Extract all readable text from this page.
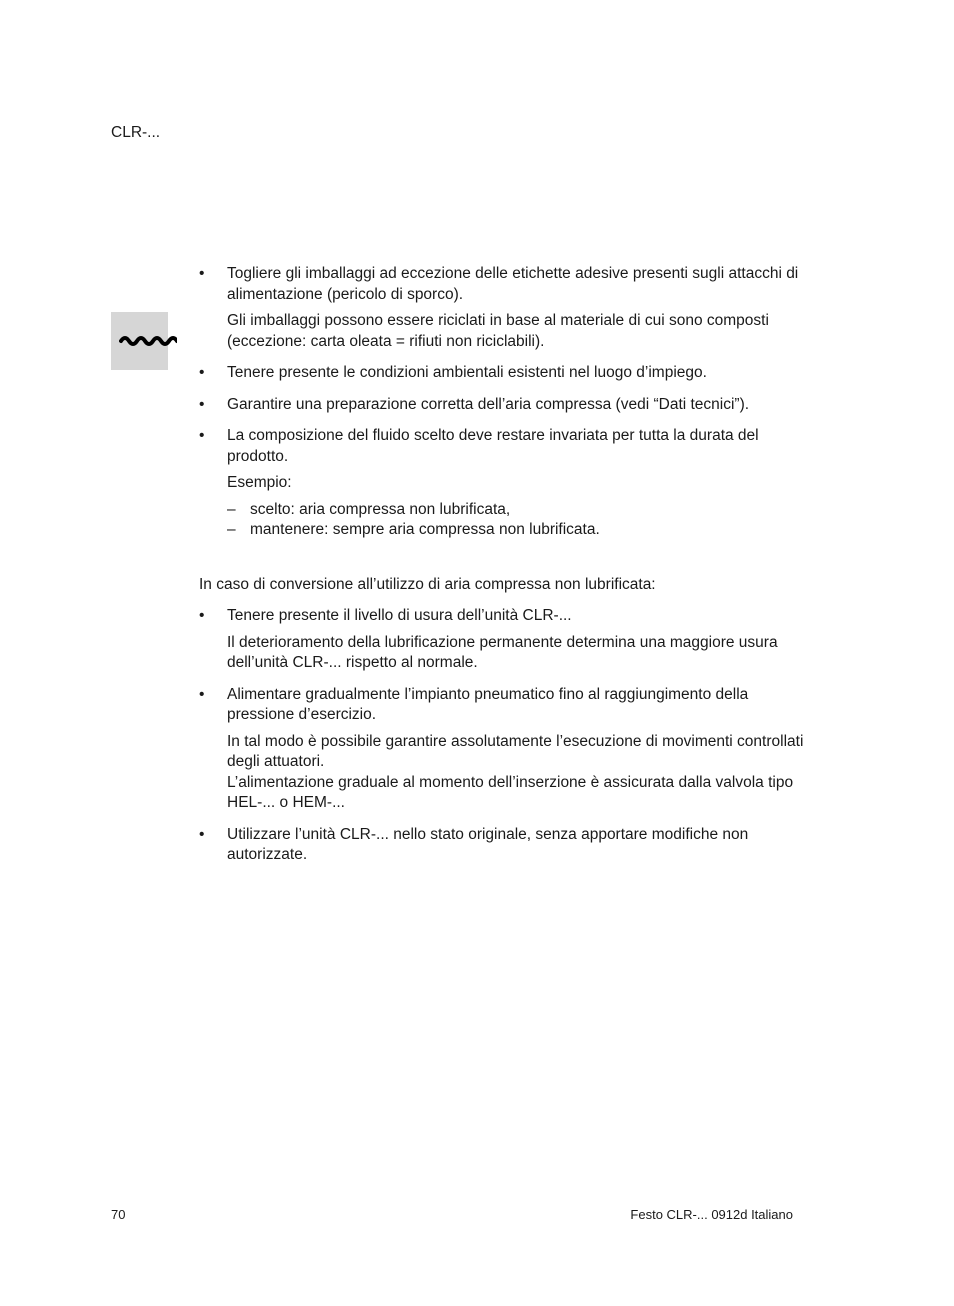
CLR-...
• Togliere gli imballaggi ad eccezione delle etichette adesive presenti sugli attacchi di alimentazione (pericolo di sporco).
Gli imballaggi possono essere riciclati in base al materiale di cui sono composti (eccezione: carta oleata = rifiuti non riciclabili).
• Tenere presente le condizioni ambientali esistenti nel luogo d’impiego.
• Garantire una preparazione corretta dell’aria compressa (vedi “Dati tecnici”).
• La composizione del fluido scelto deve restare invariata per tutta la durata del prodotto.
Esempio:
– scelto: aria compressa non lubrificata,
– mantenere: sempre aria compressa non lubrificata.
In caso di conversione all’utilizzo di aria compressa non lubrificata:
• Tenere presente il livello di usura dell’unità CLR-...
Il deterioramento della lubrificazione permanente determina una maggiore usura dell’unità CLR-... rispetto al normale.
• Alimentare gradualmente l’impianto pneumatico fino al raggiungimento della pressione d’esercizio.
In tal modo è possibile garantire assolutamente l’esecuzione di movimenti controllati degli attuatori.
L’alimentazione graduale al momento dell’inserzione è assicurata dalla valvola tipo HEL-... o HEM-...
• Utilizzare l’unità CLR-... nello stato originale, senza apportare modifiche non autorizzate.
70	Festo CLR-... 0912d Italiano
